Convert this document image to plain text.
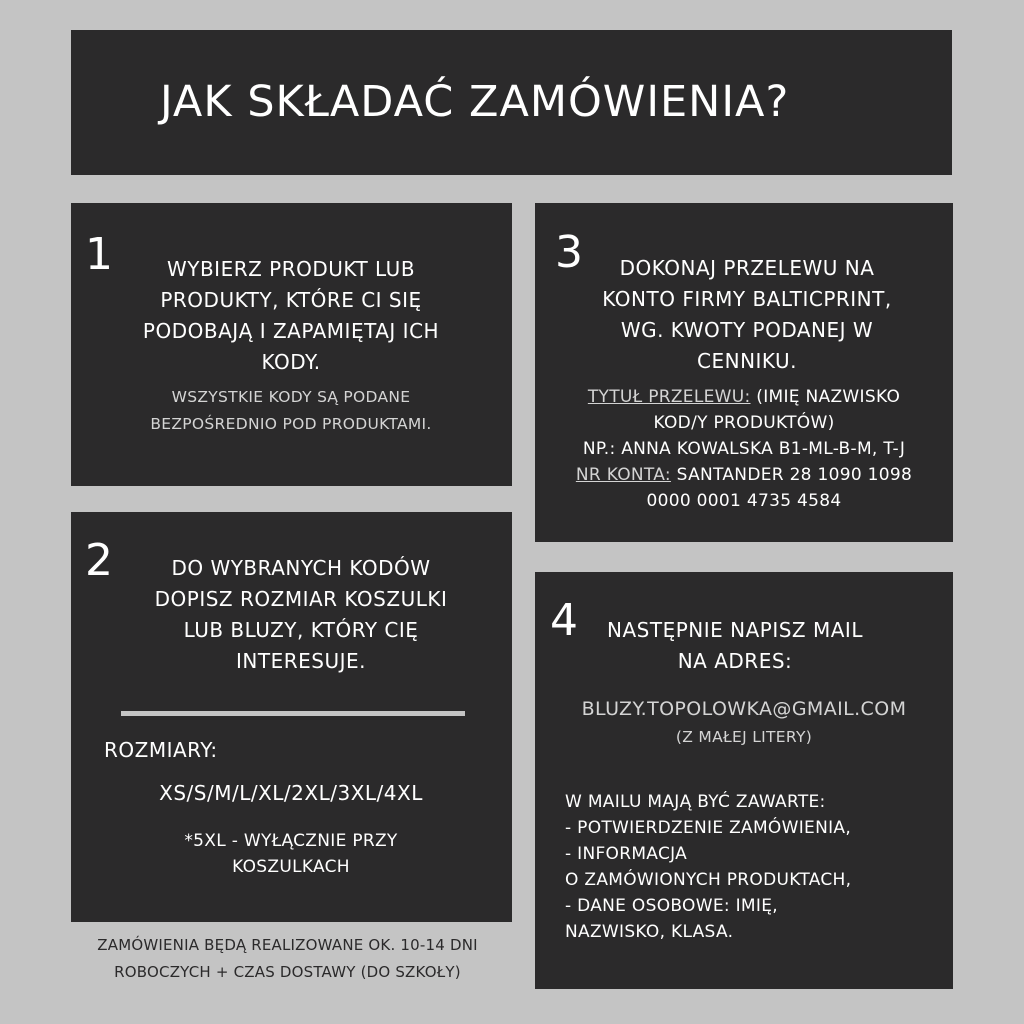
JAK SKŁADAĆ ZAMÓWIENIA?
1	WYBIERZ PRODUKT LUB
PRODUKTY, KTÓRE CI SIĘ
PODOBAJĄ I ZAPAMIĘTAJ ICH
KODY.
WSZYSTKIE KODY SĄ PODANE
BEZPOŚREDNIO POD PRODUKTAMI.
2	DO WYBRANYCH KODÓW
DOPISZ ROZMIAR KOSZULKI
LUB BLUZY, KTÓRY CIĘ
INTERESUJE.
ROZMIARY:
XS/S/M/L/XL/2XL/3XL/4XL
*5XL - WYŁĄCZNIE PRZY
KOSZULKACH
3	DOKONAJ PRZELEWU NA
KONTO FIRMY BALTICPRINT,
WG. KWOTY PODANEJ W
CENNIKU.
TYTUŁ PRZELEWU: (IMIĘ NAZWISKO
KOD/Y PRODUKTÓW)
NP.: ANNA KOWALSKA B1-ML-B-M, T-J
NR KONTA: SANTANDER 28 1090 1098
0000 0001 4735 4584
4	NASTĘPNIE NAPISZ MAIL
NA ADRES:
BLUZY.TOPOLOWKA@GMAIL.COM
(Z MAŁEJ LITERY)
W MAILU MAJĄ BYĆ ZAWARTE:
- POTWIERDZENIE ZAMÓWIENIA,
- INFORMACJA
O ZAMÓWIONYCH PRODUKTACH,
- DANE OSOBOWE: IMIĘ,
NAZWISKO, KLASA.
ZAMÓWIENIA BĘDĄ REALIZOWANE OK. 10-14 DNI
ROBOCZYCH + CZAS DOSTAWY (DO SZKOŁY)
